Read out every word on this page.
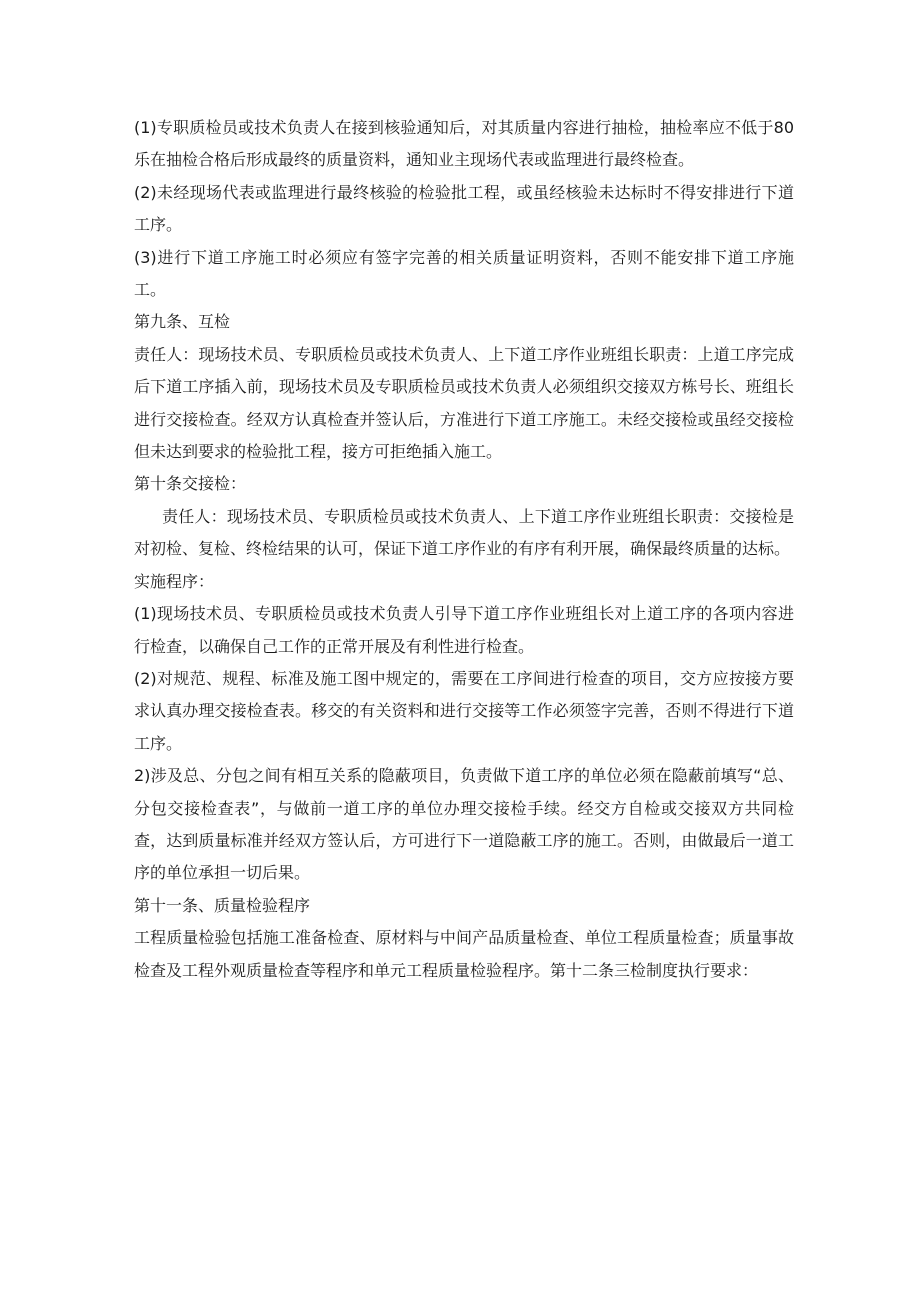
(1)专职质检员或技术负责人在接到核验通知后，对其质量内容进行抽检，抽检率应不低于80乐在抽检合格后形成最终的质量资料，通知业主现场代表或监理进行最终检查。

(2)未经现场代表或监理进行最终核验的检验批工程，或虽经核验未达标时不得安排进行下道工序。

(3)进行下道工序施工时必须应有签字完善的相关质量证明资料，否则不能安排下道工序施工。

第九条、互检

责任人：现场技术员、专职质检员或技术负责人、上下道工序作业班组长职责：上道工序完成后下道工序插入前，现场技术员及专职质检员或技术负责人必须组织交接双方栋号长、班组长进行交接检查。经双方认真检查并签认后，方准进行下道工序施工。未经交接检或虽经交接检但未达到要求的检验批工程，接方可拒绝插入施工。

第十条交接检：

责任人：现场技术员、专职质检员或技术负责人、上下道工序作业班组长职责：交接检是对初检、复检、终检结果的认可，保证下道工序作业的有序有利开展，确保最终质量的达标。

实施程序：

(1)现场技术员、专职质检员或技术负责人引导下道工序作业班组长对上道工序的各项内容进行检查，以确保自己工作的正常开展及有利性进行检查。

(2)对规范、规程、标准及施工图中规定的，需要在工序间进行检查的项目，交方应按接方要求认真办理交接检查表。移交的有关资料和进行交接等工作必须签字完善，否则不得进行下道工序。

2)涉及总、分包之间有相互关系的隐蔽项目，负责做下道工序的单位必须在隐蔽前填写“总、分包交接检查表”，与做前一道工序的单位办理交接检手续。经交方自检或交接双方共同检查，达到质量标准并经双方签认后，方可进行下一道隐蔽工序的施工。否则，由做最后一道工序的单位承担一切后果。

第十一条、质量检验程序

工程质量检验包括施工准备检查、原材料与中间产品质量检查、单位工程质量检查；质量事故检查及工程外观质量检查等程序和单元工程质量检验程序。第十二条三检制度执行要求：
